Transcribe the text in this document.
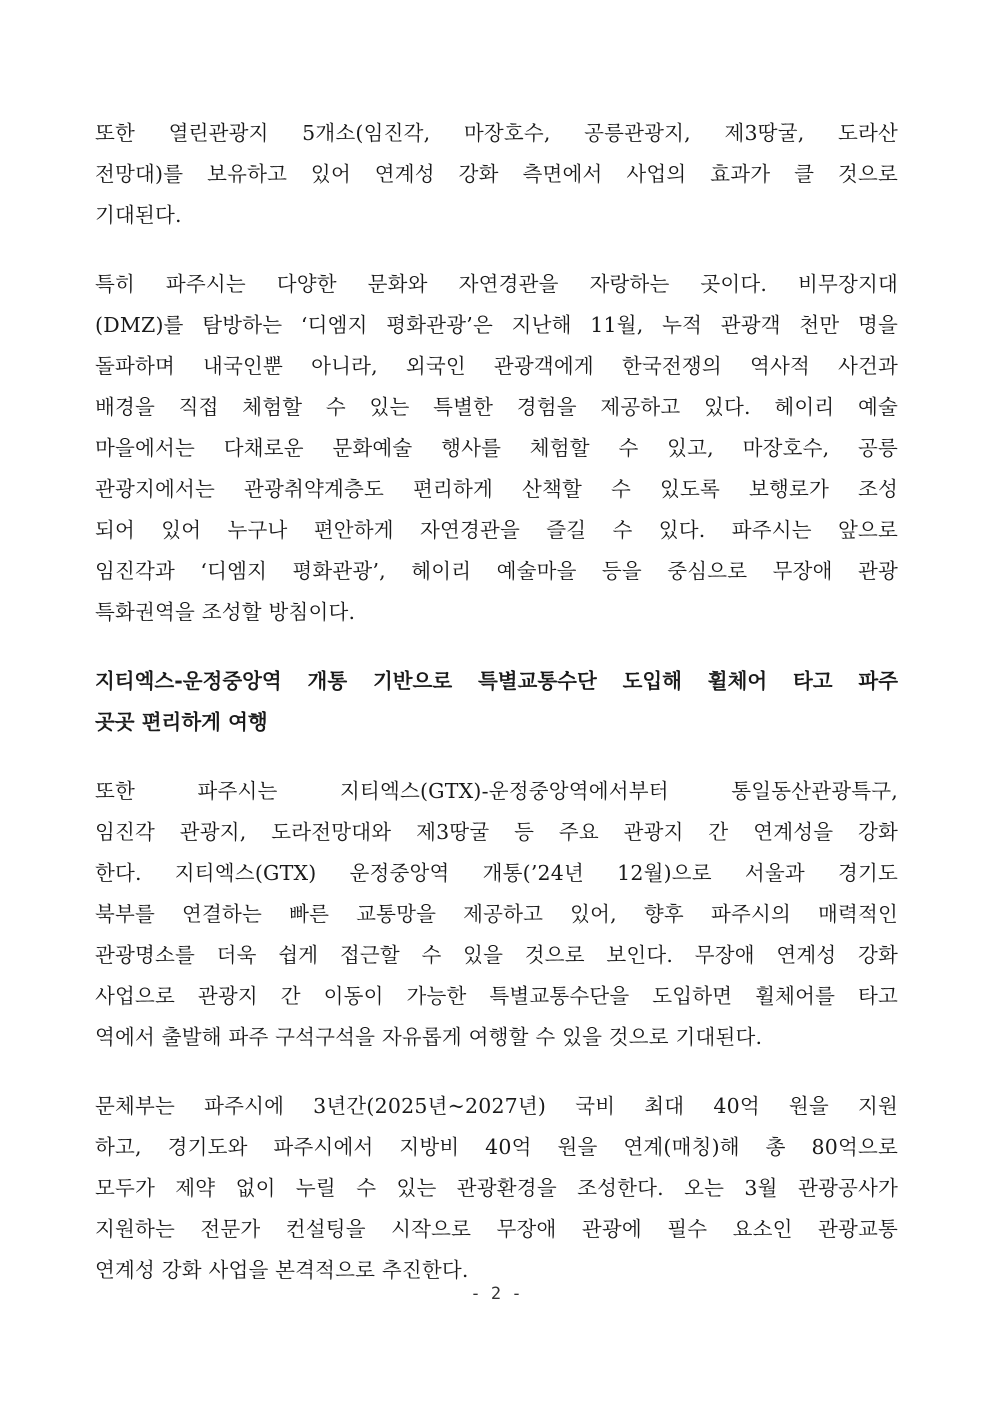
또한 열린관광지 5개소(임진각, 마장호수, 공릉관광지, 제3땅굴, 도라산
전망대)를 보유하고 있어 연계성 강화 측면에서 사업의 효과가 클 것으로
기대된다.

특히 파주시는 다양한 문화와 자연경관을 자랑하는 곳이다. 비무장지대
(DMZ)를 탐방하는 ‘디엠지 평화관광’은 지난해 11월, 누적 관광객 천만 명을
돌파하며 내국인뿐 아니라, 외국인 관광객에게 한국전쟁의 역사적 사건과
배경을 직접 체험할 수 있는 특별한 경험을 제공하고 있다. 헤이리 예술
마을에서는 다채로운 문화예술 행사를 체험할 수 있고, 마장호수, 공릉
관광지에서는 관광취약계층도 편리하게 산책할 수 있도록 보행로가 조성
되어 있어 누구나 편안하게 자연경관을 즐길 수 있다. 파주시는 앞으로
임진각과 ‘디엠지 평화관광’, 헤이리 예술마을 등을 중심으로 무장애 관광
특화권역을 조성할 방침이다.

지티엑스-운정중앙역 개통 기반으로 특별교통수단 도입해 휠체어 타고 파주
곳곳 편리하게 여행

또한 파주시는 지티엑스(GTX)-운정중앙역에서부터 통일동산관광특구,
임진각 관광지, 도라전망대와 제3땅굴 등 주요 관광지 간 연계성을 강화
한다. 지티엑스(GTX) 운정중앙역 개통(’24년 12월)으로 서울과 경기도
북부를 연결하는 빠른 교통망을 제공하고 있어, 향후 파주시의 매력적인
관광명소를 더욱 쉽게 접근할 수 있을 것으로 보인다. 무장애 연계성 강화
사업으로 관광지 간 이동이 가능한 특별교통수단을 도입하면 휠체어를 타고
역에서 출발해 파주 구석구석을 자유롭게 여행할 수 있을 것으로 기대된다.

문체부는 파주시에 3년간(2025년~2027년) 국비 최대 40억 원을 지원
하고, 경기도와 파주시에서 지방비 40억 원을 연계(매칭)해 총 80억으로
모두가 제약 없이 누릴 수 있는 관광환경을 조성한다. 오는 3월 관광공사가
지원하는 전문가 컨설팅을 시작으로 무장애 관광에 필수 요소인 관광교통
연계성 강화 사업을 본격적으로 추진한다.

- 2 -
